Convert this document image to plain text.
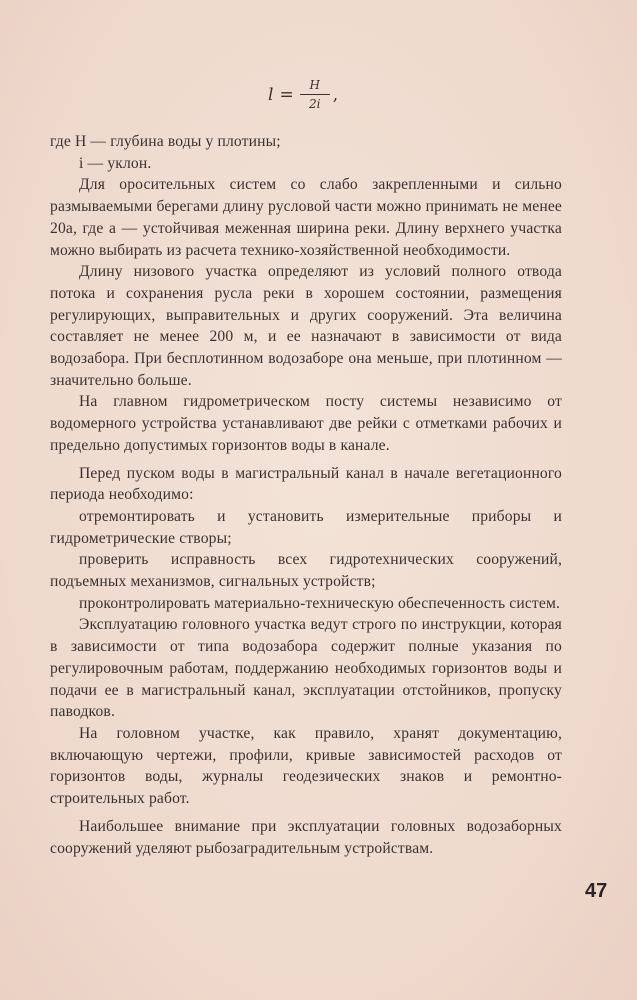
$l = \frac{H}{2i}$ ,

где Н — глубина воды у плотины;

i — уклон.

Для оросительных систем со слабо закрепленными и сильно размываемыми берегами длину русловой части можно принимать не менее 20а, где а — устойчивая меженная ширина реки. Длину верхнего участка можно выбирать из расчета технико-хозяйственной необходимости.

Длину низового участка определяют из условий полного отвода потока и сохранения русла реки в хорошем состоянии, размещения регулирующих, выправительных и других сооружений. Эта величина составляет не менее 200 м, и ее назначают в зависимости от вида водозабора. При бесплотинном водозаборе она меньше, при плотинном — значительно больше.

На главном гидрометрическом посту системы независимо от водомерного устройства устанавливают две рейки с отметками рабочих и предельно допустимых горизонтов воды в канале.

Перед пуском воды в магистральный канал в начале вегетационного периода необходимо:

отремонтировать и установить измерительные приборы и гидрометрические створы;

проверить исправность всех гидротехнических сооружений, подъемных механизмов, сигнальных устройств;

проконтролировать материально-техническую обеспеченность систем.

Эксплуатацию головного участка ведут строго по инструкции, которая в зависимости от типа водозабора содержит полные указания по регулировочным работам, поддержанию необходимых горизонтов воды и подачи ее в магистральный канал, эксплуатации отстойников, пропуску паводков.

На головном участке, как правило, хранят документацию, включающую чертежи, профили, кривые зависимостей расходов от горизонтов воды, журналы геодезических знаков и ремонтно-строительных работ.

Наибольшее внимание при эксплуатации головных водозаборных сооружений уделяют рыбозаградительным устройствам.

47
